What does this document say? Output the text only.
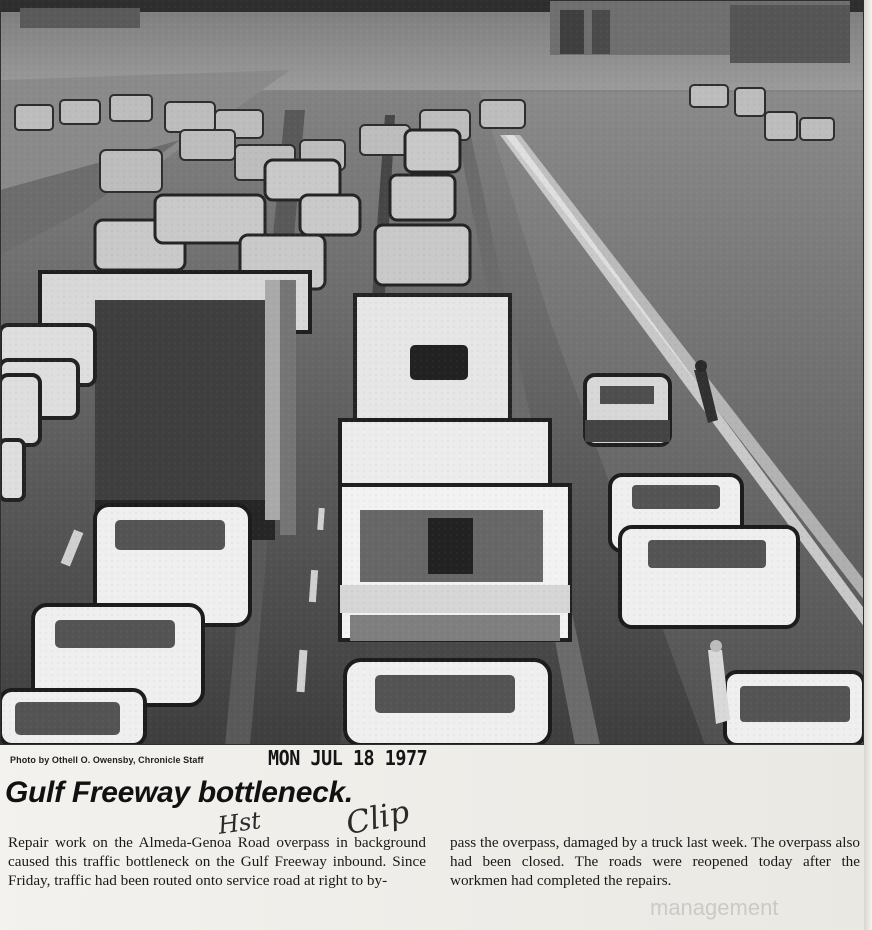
Photo by Othell O. Owensby, Chronicle Staff	MON JUL 18 1977
Gulf Freeway bottleneck.

Repair work on the Almeda-Genoa Road overpass in background caused this traffic bottleneck on the Gulf Freeway inbound. Since Friday, traffic had been routed onto service road at right to by-

pass the overpass, damaged by a truck last week. The overpass also had been closed. The roads were reopened today after the workmen had completed the repairs.

Hst	Clip
management
